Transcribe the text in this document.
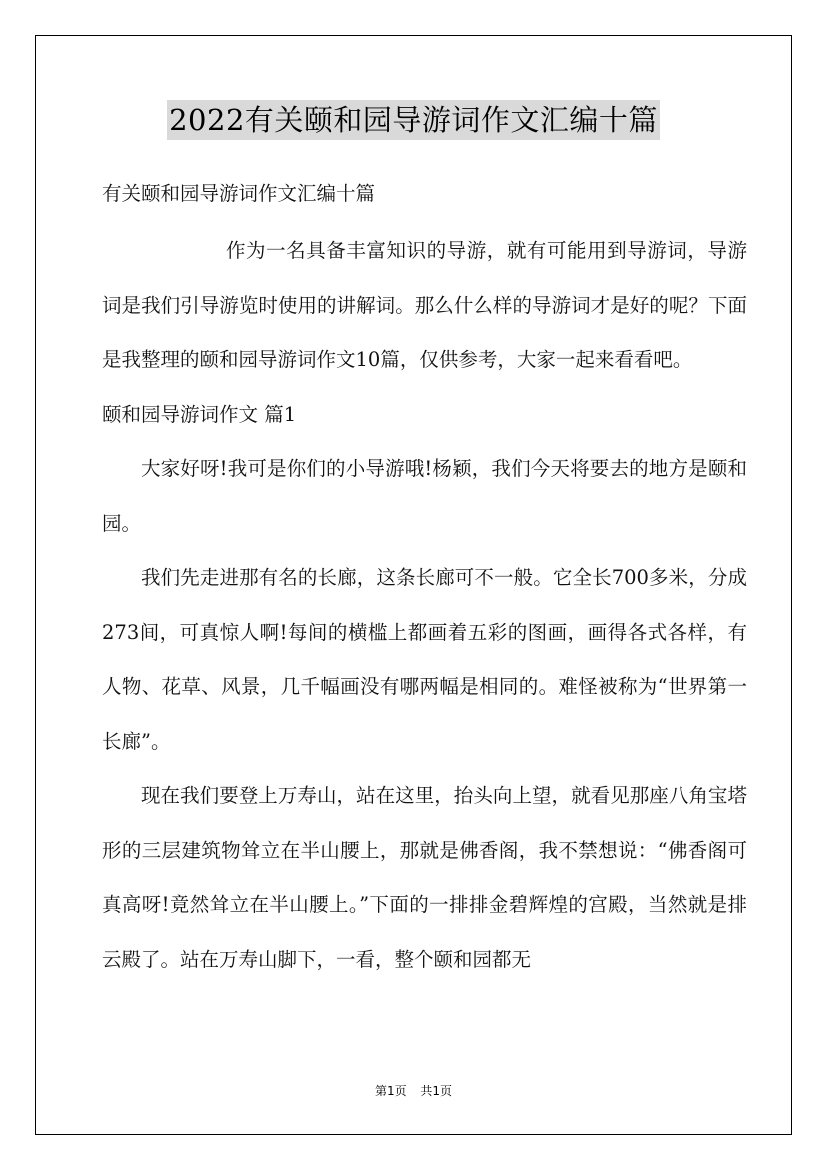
2022有关颐和园导游词作文汇编十篇

有关颐和园导游词作文汇编十篇

作为一名具备丰富知识的导游，就有可能用到导游词，导游词是我们引导游览时使用的讲解词。那么什么样的导游词才是好的呢？下面是我整理的颐和园导游词作文10篇，仅供参考，大家一起来看看吧。

颐和园导游词作文 篇1

大家好呀!我可是你们的小导游哦!杨颖，我们今天将要去的地方是颐和园。

我们先走进那有名的长廊，这条长廊可不一般。它全长700多米，分成273间，可真惊人啊!每间的横槛上都画着五彩的图画，画得各式各样，有人物、花草、风景，几千幅画没有哪两幅是相同的。难怪被称为“世界第一长廊”。

现在我们要登上万寿山，站在这里，抬头向上望，就看见那座八角宝塔形的三层建筑物耸立在半山腰上，那就是佛香阁，我不禁想说：“佛香阁可真高呀!竟然耸立在半山腰上。”下面的一排排金碧辉煌的宫殿，当然就是排云殿了。站在万寿山脚下，一看，整个颐和园都无

第1页 共1页
